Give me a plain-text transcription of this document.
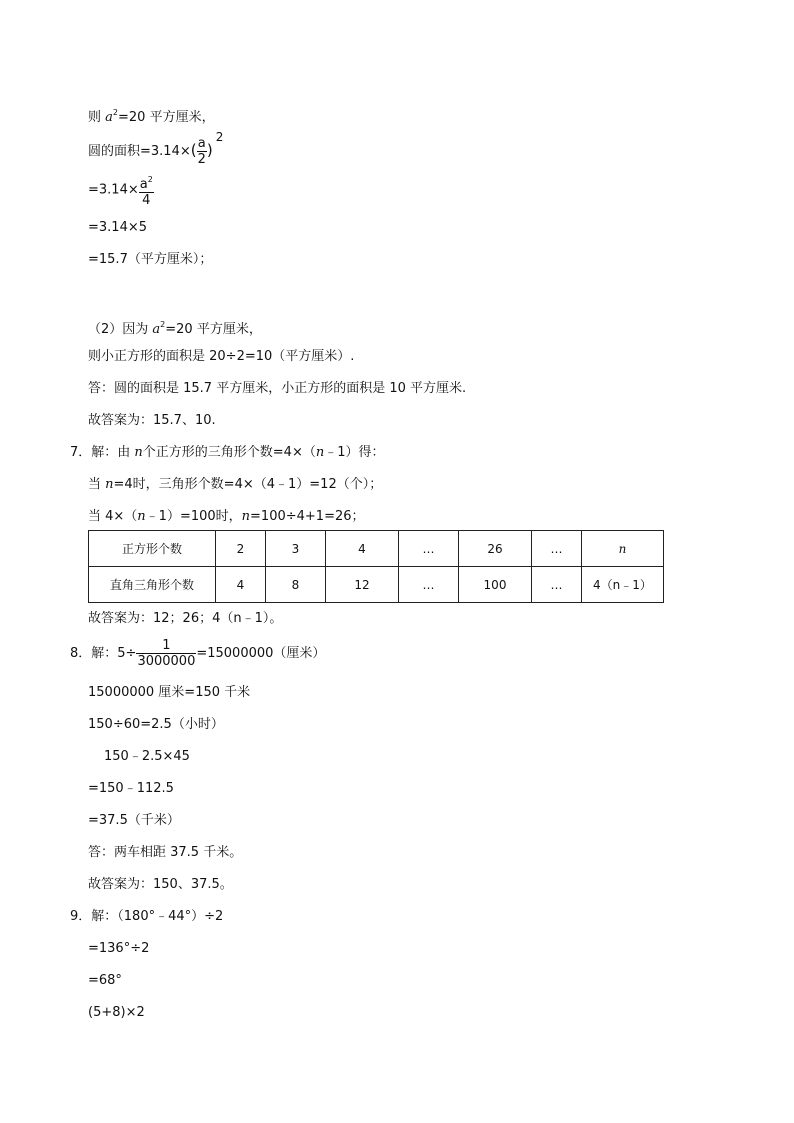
则 $a^2=20$ 平方厘米，
圆的面积$=3.14\times( \frac{a}{2} )2$
$=3.14\times \frac{a^2}{4}$
=3.14×5
=15.7（平方厘米）；
（2）因为 $a^2=20$ 平方厘米，
则小正方形的面积是 20÷2=10（平方厘米）.
答：圆的面积是 15.7 平方厘米，小正方形的面积是 10 平方厘米.
故答案为：15.7、10.
7．解：由 n个正方形的三角形个数=4×（n﹣1）得：
当 n=4时，三角形个数=4×（4﹣1）=12（个）；
当 4×（n﹣1）=100时，n=100÷4+1=26；
正方形个数	2	3	4	…	26	…	n
直角三角形个数	4	8	12	…	100	…	4（n﹣1）
故答案为：12；26；4（n﹣1）。
8．解：$5\div \frac{1}{3000000} =15000000$（厘米）
15000000 厘米=150 千米
150÷60=2.5（小时）
150﹣2.5×45
=150﹣112.5
=37.5（千米）
答：两车相距 37.5 千米。
故答案为：150、37.5。
9．解：（180°﹣44°）÷2
=136°÷2
=68°
(5+8)×2
